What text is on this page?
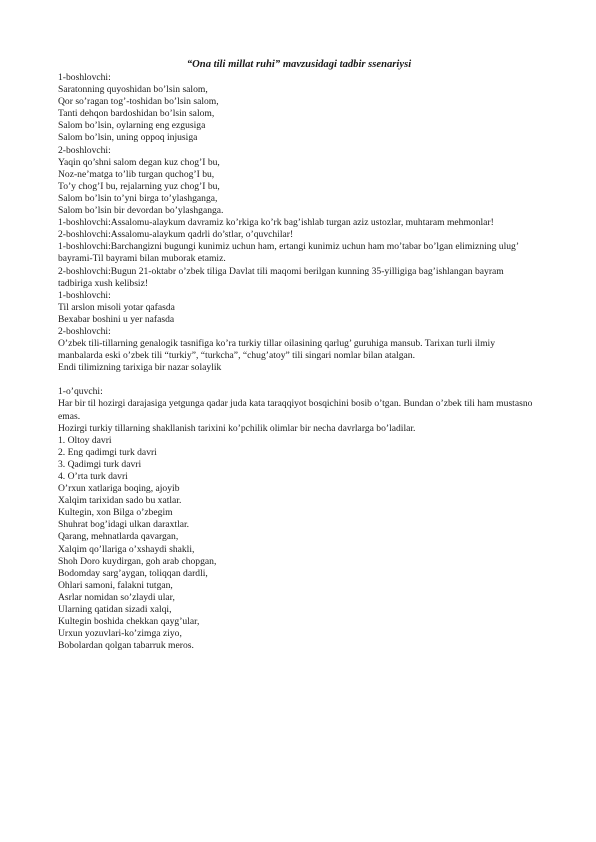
“Ona tili millat ruhi” mavzusidagi tadbir ssenariysi

1-boshlovchi:

Saratonning quyoshidan bo’lsin salom,

Qor so’ragan tog’-toshidan bo’lsin salom,

Tanti dehqon bardoshidan bo’lsin salom,

Salom bo’lsin, oylarning eng ezgusiga

Salom bo’lsin, uning oppoq injusiga

2-boshlovchi:

Yaqin qo’shni salom degan kuz chog’I bu,

Noz-ne’matga to’lib turgan quchog’I bu,

To’y chog’I bu, rejalarning yuz chog’I bu,

Salom bo’lsin to’yni birga to’ylashganga,

Salom bo’lsin bir devordan bo’ylashganga.

1-boshlovchi:Assalomu-alaykum davramiz ko’rkiga ko’rk bag’ishlab turgan aziz ustozlar, muhtaram mehmonlar!

2-boshlovchi:Assalomu-alaykum qadrli do’stlar, o’quvchilar!

1-boshlovchi:Barchangizni bugungi kunimiz uchun ham, ertangi kunimiz uchun ham mo’tabar bo’lgan elimizning ulug’ bayrami-Til bayrami bilan muborak etamiz.

2-boshlovchi:Bugun 21-oktabr o’zbek tiliga Davlat tili maqomi berilgan kunning 35-yilligiga bag’ishlangan bayram tadbiriga xush kelibsiz!

1-boshlovchi:

Til arslon misoli yotar qafasda

Bexabar boshini u yer nafasda

2-boshlovchi:

O’zbek tili-tillarning genalogik tasnifiga ko’ra turkiy tillar oilasining qarlug’ guruhiga mansub. Tarixan turli ilmiy manbalarda eski o’zbek tili “turkiy”, “turkcha”, “chug’atoy” tili singari nomlar bilan atalgan.

Endi tilimizning tarixiga bir nazar solaylik

1-o’quvchi:

Har bir til hozirgi darajasiga yetgunga qadar juda kata taraqqiyot bosqichini bosib o’tgan. Bundan o’zbek tili ham mustasno emas.

Hozirgi turkiy tillarning shakllanish tarixini ko’pchilik olimlar bir necha davrlarga bo’ladilar.

1. Oltoy davri

2. Eng qadimgi turk davri

3. Qadimgi turk davri

4. O’rta turk davri

O’rxun xatlariga boqing, ajoyib

Xalqim tarixidan sado bu xatlar.

Kultegin, xon Bilga o’zbegim

Shuhrat bog’idagi ulkan daraxtlar.

Qarang, mehnatlarda qavargan,

Xalqim qo’llariga o’xshaydi shakli,

Shoh Doro kuydirgan, goh arab chopgan,

Bodomday sarg’aygan, toliqqan dardli,

Ohlari samoni, falakni tutgan,

Asrlar nomidan so’zlaydi ular,

Ularning qatidan sizadi xalqi,

Kultegin boshida chekkan qayg’ular,

Urxun yozuvlari-ko’zimga ziyo,

Bobolardan qolgan tabarruk meros.
